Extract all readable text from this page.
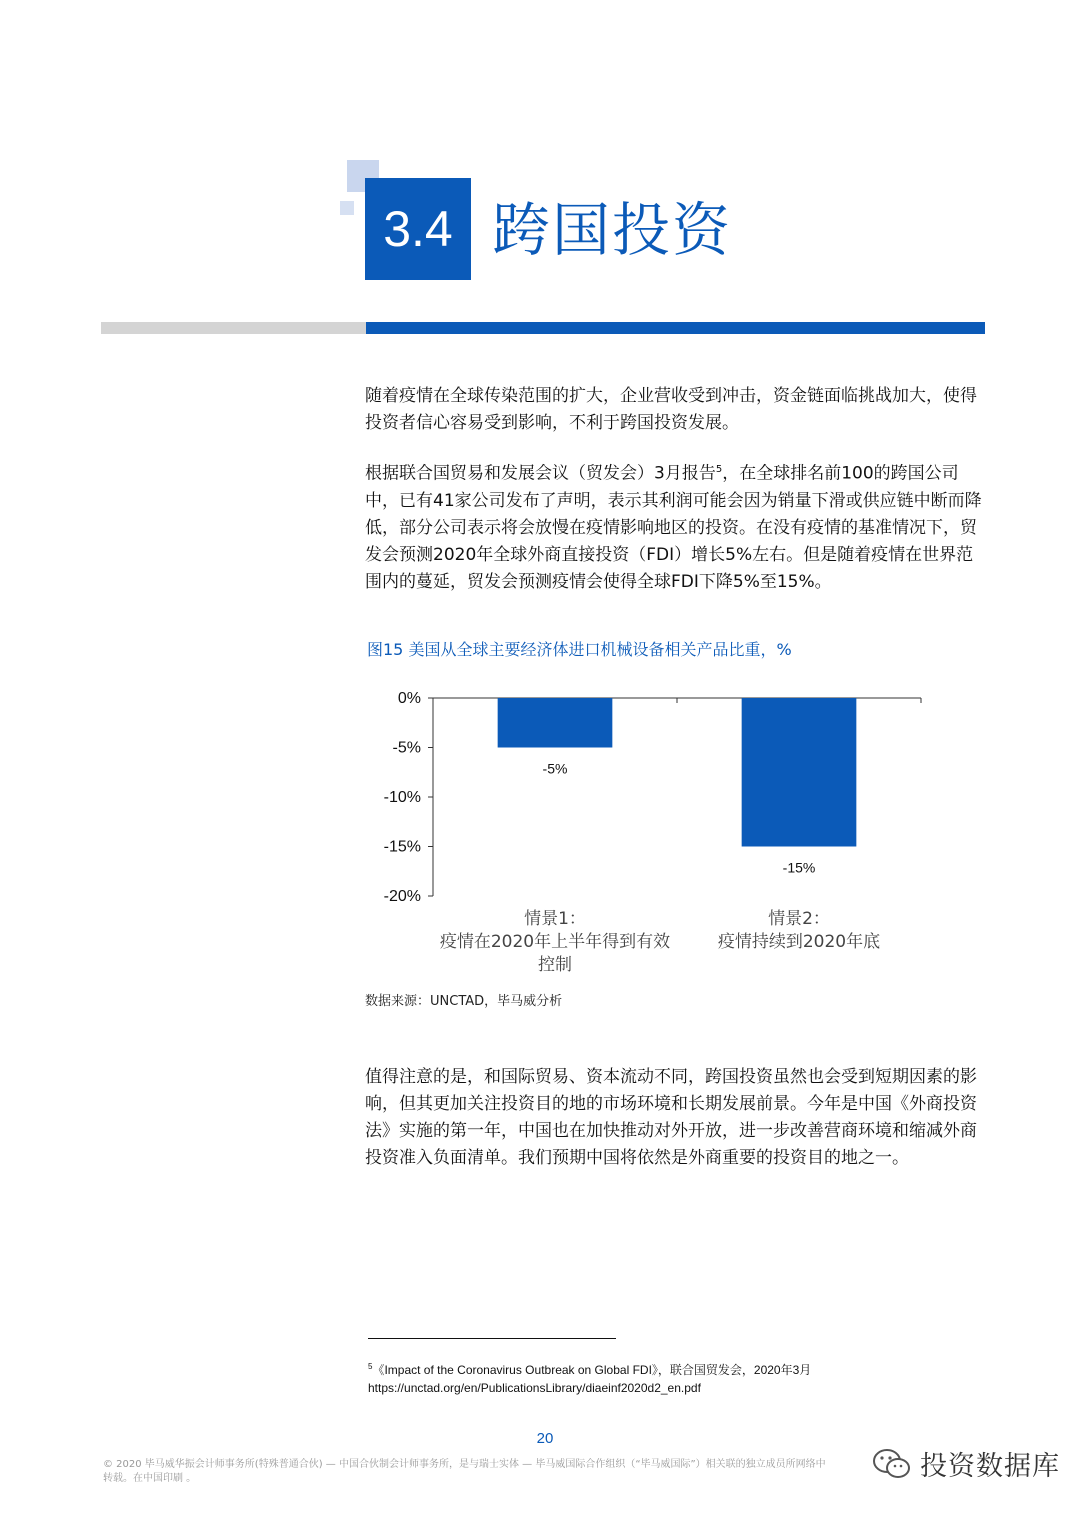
3.4 跨国投资

随着疫情在全球传染范围的扩大，企业营收受到冲击，资金链面临挑战加大，使得投资者信心容易受到影响，不利于跨国投资发展。

根据联合国贸易和发展会议（贸发会）3月报告$^5$，在全球排名前100的跨国公司中，已有41家公司发布了声明，表示其利润可能会因为销量下滑或供应链中断而降低，部分公司表示将会放慢在疫情影响地区的投资。在没有疫情的基准情况下，贸发会预测2020年全球外商直接投资（FDI）增长5%左右。但是随着疫情在世界范围内的蔓延，贸发会预测疫情会使得全球FDI下降5%至15%。

图15 美国从全球主要经济体进口机械设备相关产品比重，%
0%
-5%
-10%
-15%
-20%
-5%
情景1：
疫情在2020年上半年得到有效
控制
-15%
情景2：
疫情持续到2020年底
数据来源：UNCTAD，毕马威分析

值得注意的是，和国际贸易、资本流动不同，跨国投资虽然也会受到短期因素的影响，但其更加关注投资目的地的市场环境和长期发展前景。今年是中国《外商投资法》实施的第一年，中国也在加快推动对外开放，进一步改善营商环境和缩减外商投资准入负面清单。我们预期中国将依然是外商重要的投资目的地之一。

$^5$《Impact of the Coronavirus Outbreak on Global FDI》，联合国贸发会，2020年3月
https://unctad.org/en/PublicationsLibrary/diaeinf2020d2_en.pdf
20
© 2020 毕马威华振会计师事务所(特殊普通合伙) — 中国合伙制会计师事务所，是与瑞士实体 — 毕马威国际合作组织（“毕马威国际”）相关联的独立成员所网络中
转载。在中国印刷 。	投资数据库
